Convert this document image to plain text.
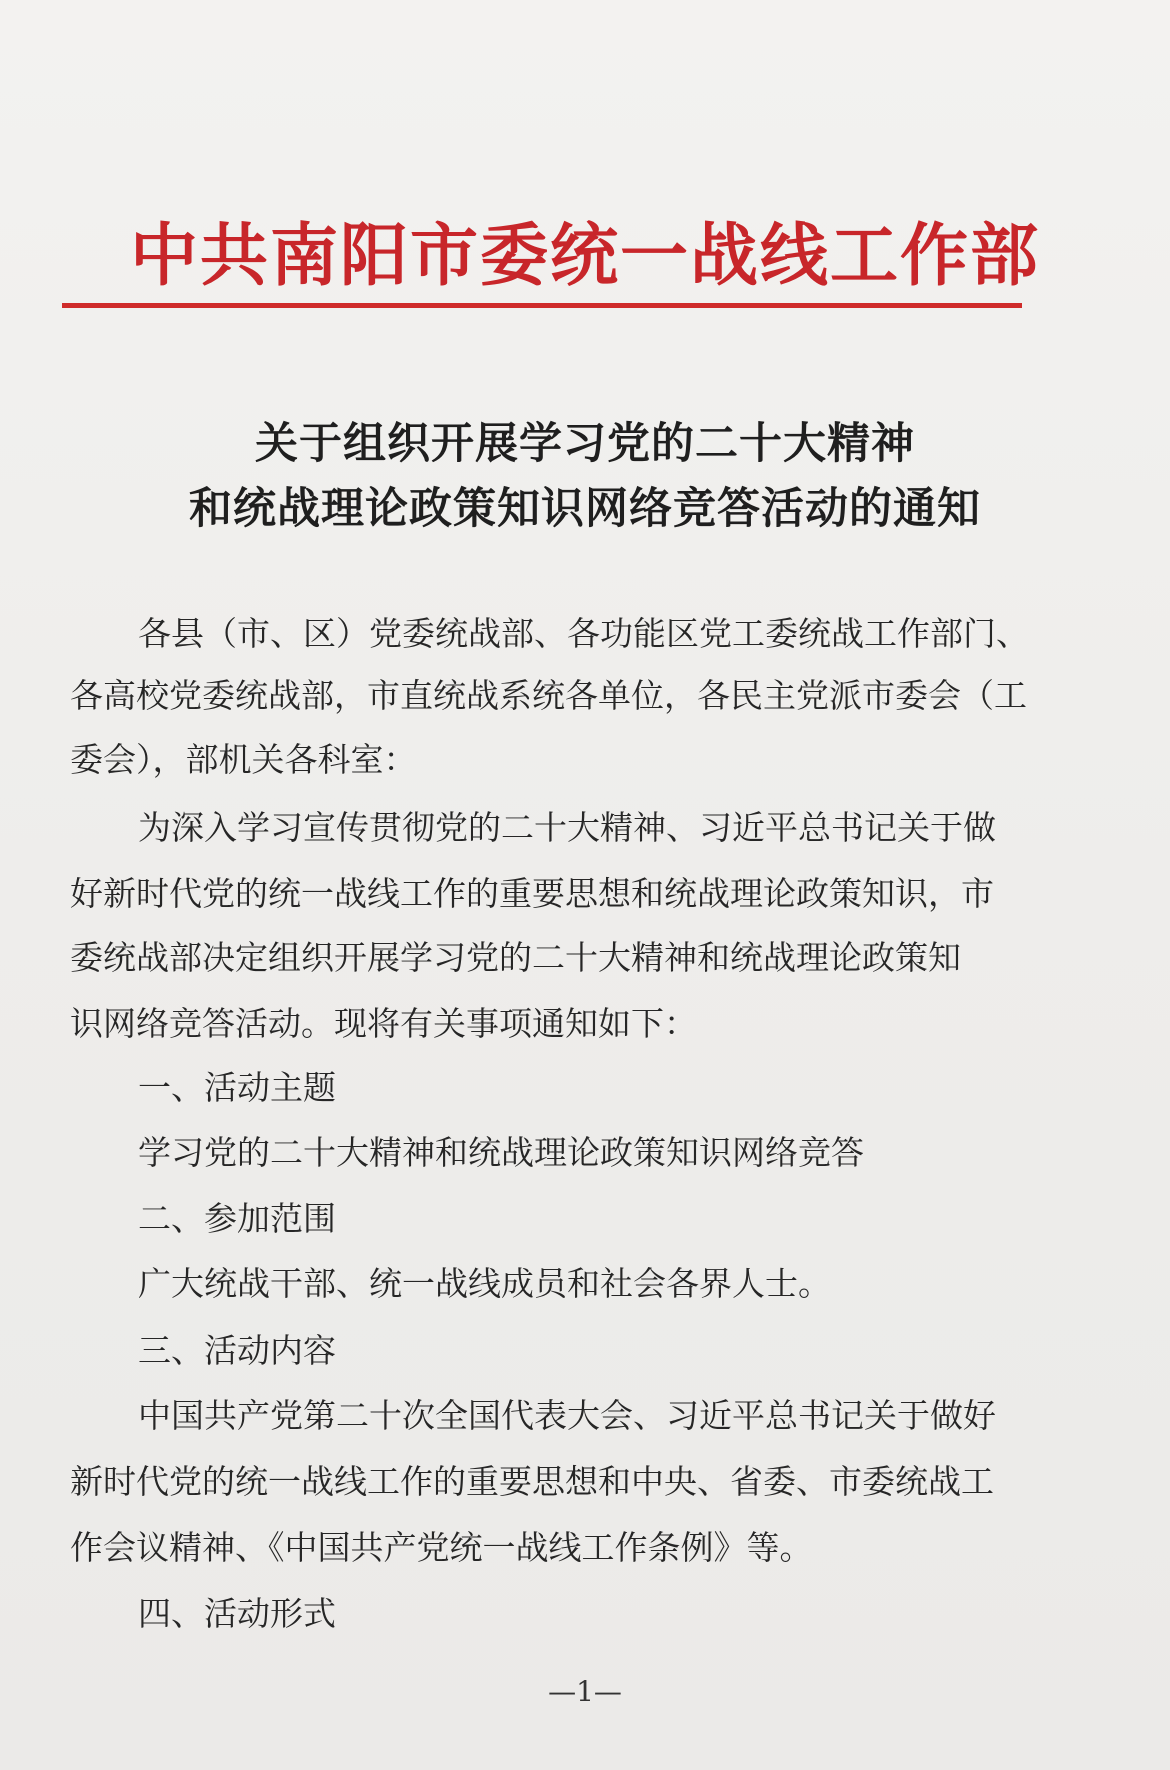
中共南阳市委统一战线工作部
关于组织开展学习党的二十大精神
和统战理论政策知识网络竞答活动的通知
各县（市、区）党委统战部、各功能区党工委统战工作部门、
各高校党委统战部，市直统战系统各单位，各民主党派市委会（工
委会），部机关各科室：
为深入学习宣传贯彻党的二十大精神、习近平总书记关于做
好新时代党的统一战线工作的重要思想和统战理论政策知识，市
委统战部决定组织开展学习党的二十大精神和统战理论政策知
识网络竞答活动。现将有关事项通知如下：
一、活动主题
学习党的二十大精神和统战理论政策知识网络竞答
二、参加范围
广大统战干部、统一战线成员和社会各界人士。
三、活动内容
中国共产党第二十次全国代表大会、习近平总书记关于做好
新时代党的统一战线工作的重要思想和中央、省委、市委统战工
作会议精神、《中国共产党统一战线工作条例》等。
四、活动形式
—1—
